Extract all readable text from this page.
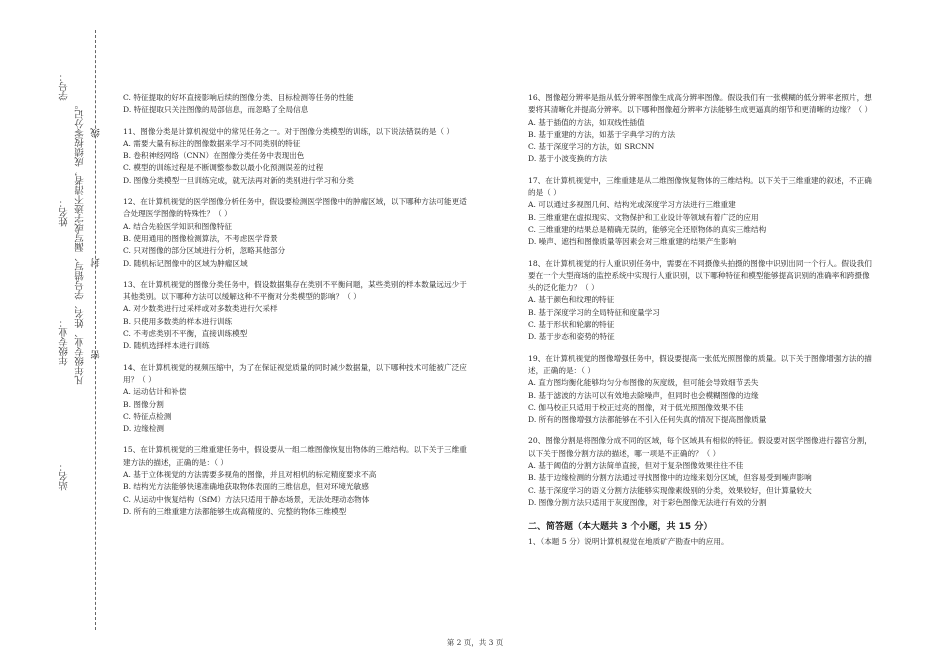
学号：
姓名：
年级专业：
站名：
凡年级专业、姓名、学号错写、漏写或字迹不清者，成绩按零分记。 线
封
密
C. 特征提取的好坏直接影响后续的图像分类、目标检测等任务的性能
D. 特征提取只关注图像的局部信息，而忽略了全局信息
11、图像分类是计算机视觉中的常见任务之一。对于图像分类模型的训练，以下说法错误的是（ ）
A. 需要大量有标注的图像数据来学习不同类别的特征
B. 卷积神经网络（CNN）在图像分类任务中表现出色
C. 模型的训练过程是不断调整参数以最小化预测误差的过程
D. 图像分类模型一旦训练完成，就无法再对新的类别进行学习和分类
12、在计算机视觉的医学图像分析任务中，假设要检测医学图像中的肿瘤区域，以下哪种方法可能更适合处理医学图像的特殊性？（ ）
A. 结合先验医学知识和图像特征
B. 使用通用的图像检测算法，不考虑医学背景
C. 只对图像的部分区域进行分析，忽略其他部分
D. 随机标记图像中的区域为肿瘤区域
13、在计算机视觉的图像分类任务中，假设数据集存在类别不平衡问题，某些类别的样本数量远远少于其他类别。以下哪种方法可以缓解这种不平衡对分类模型的影响？（ ）
A. 对少数类进行过采样或对多数类进行欠采样
B. 只使用多数类的样本进行训练
C. 不考虑类别不平衡，直接训练模型
D. 随机选择样本进行训练
14、在计算机视觉的视频压缩中，为了在保证视觉质量的同时减少数据量，以下哪种技术可能被广泛应用？（ ）
A. 运动估计和补偿
B. 图像分割
C. 特征点检测
D. 边缘检测
15、在计算机视觉的三维重建任务中，假设要从一组二维图像恢复出物体的三维结构。以下关于三维重建方法的描述，正确的是：（ ）
A. 基于立体视觉的方法需要多视角的图像，并且对相机的标定精度要求不高
B. 结构光方法能够快速准确地获取物体表面的三维信息，但对环境光敏感
C. 从运动中恢复结构（SfM）方法只适用于静态场景，无法处理动态物体
D. 所有的三维重建方法都能够生成高精度的、完整的物体三维模型
16、图像超分辨率是指从低分辨率图像生成高分辨率图像。假设我们有一张模糊的低分辨率老照片，想要将其清晰化并提高分辨率。以下哪种图像超分辨率方法能够生成更逼真的细节和更清晰的边缘？（ ）
A. 基于插值的方法，如双线性插值
B. 基于重建的方法，如基于字典学习的方法
C. 基于深度学习的方法，如 SRCNN
D. 基于小波变换的方法
17、在计算机视觉中，三维重建是从二维图像恢复物体的三维结构。以下关于三维重建的叙述，不正确的是（ ）
A. 可以通过多视图几何、结构光或深度学习方法进行三维重建
B. 三维重建在虚拟现实、文物保护和工业设计等领域有着广泛的应用
C. 三维重建的结果总是精确无误的，能够完全还原物体的真实三维结构
D. 噪声、遮挡和图像质量等因素会对三维重建的结果产生影响
18、在计算机视觉的行人重识别任务中，需要在不同摄像头拍摄的图像中识别出同一个行人。假设我们要在一个大型商场的监控系统中实现行人重识别，以下哪种特征和模型能够提高识别的准确率和跨摄像头的泛化能力？（ ）
A. 基于颜色和纹理的特征
B. 基于深度学习的全局特征和度量学习
C. 基于形状和轮廓的特征
D. 基于步态和姿势的特征
19、在计算机视觉的图像增强任务中，假设要提高一张低光照图像的质量。以下关于图像增强方法的描述，正确的是：（ ）
A. 直方图均衡化能够均匀分布图像的灰度级，但可能会导致细节丢失
B. 基于滤波的方法可以有效地去除噪声，但同时也会模糊图像的边缘
C. 伽马校正只适用于校正过亮的图像，对于低光照图像效果不佳
D. 所有的图像增强方法都能够在不引入任何失真的情况下提高图像质量
20、图像分割是将图像分成不同的区域，每个区域具有相似的特征。假设要对医学图像进行器官分割，以下关于图像分割方法的描述，哪一项是不正确的？（ ）
A. 基于阈值的分割方法简单直接，但对于复杂图像效果往往不佳
B. 基于边缘检测的分割方法通过寻找图像中的边缘来划分区域，但容易受到噪声影响
C. 基于深度学习的语义分割方法能够实现像素级别的分类，效果较好，但计算量较大
D. 图像分割方法只适用于灰度图像，对于彩色图像无法进行有效的分割
二、简答题（本大题共 3 个小题，共 15 分）
1、（本题 5 分）说明计算机视觉在地质矿产勘查中的应用。
第 2 页，共 3 页
